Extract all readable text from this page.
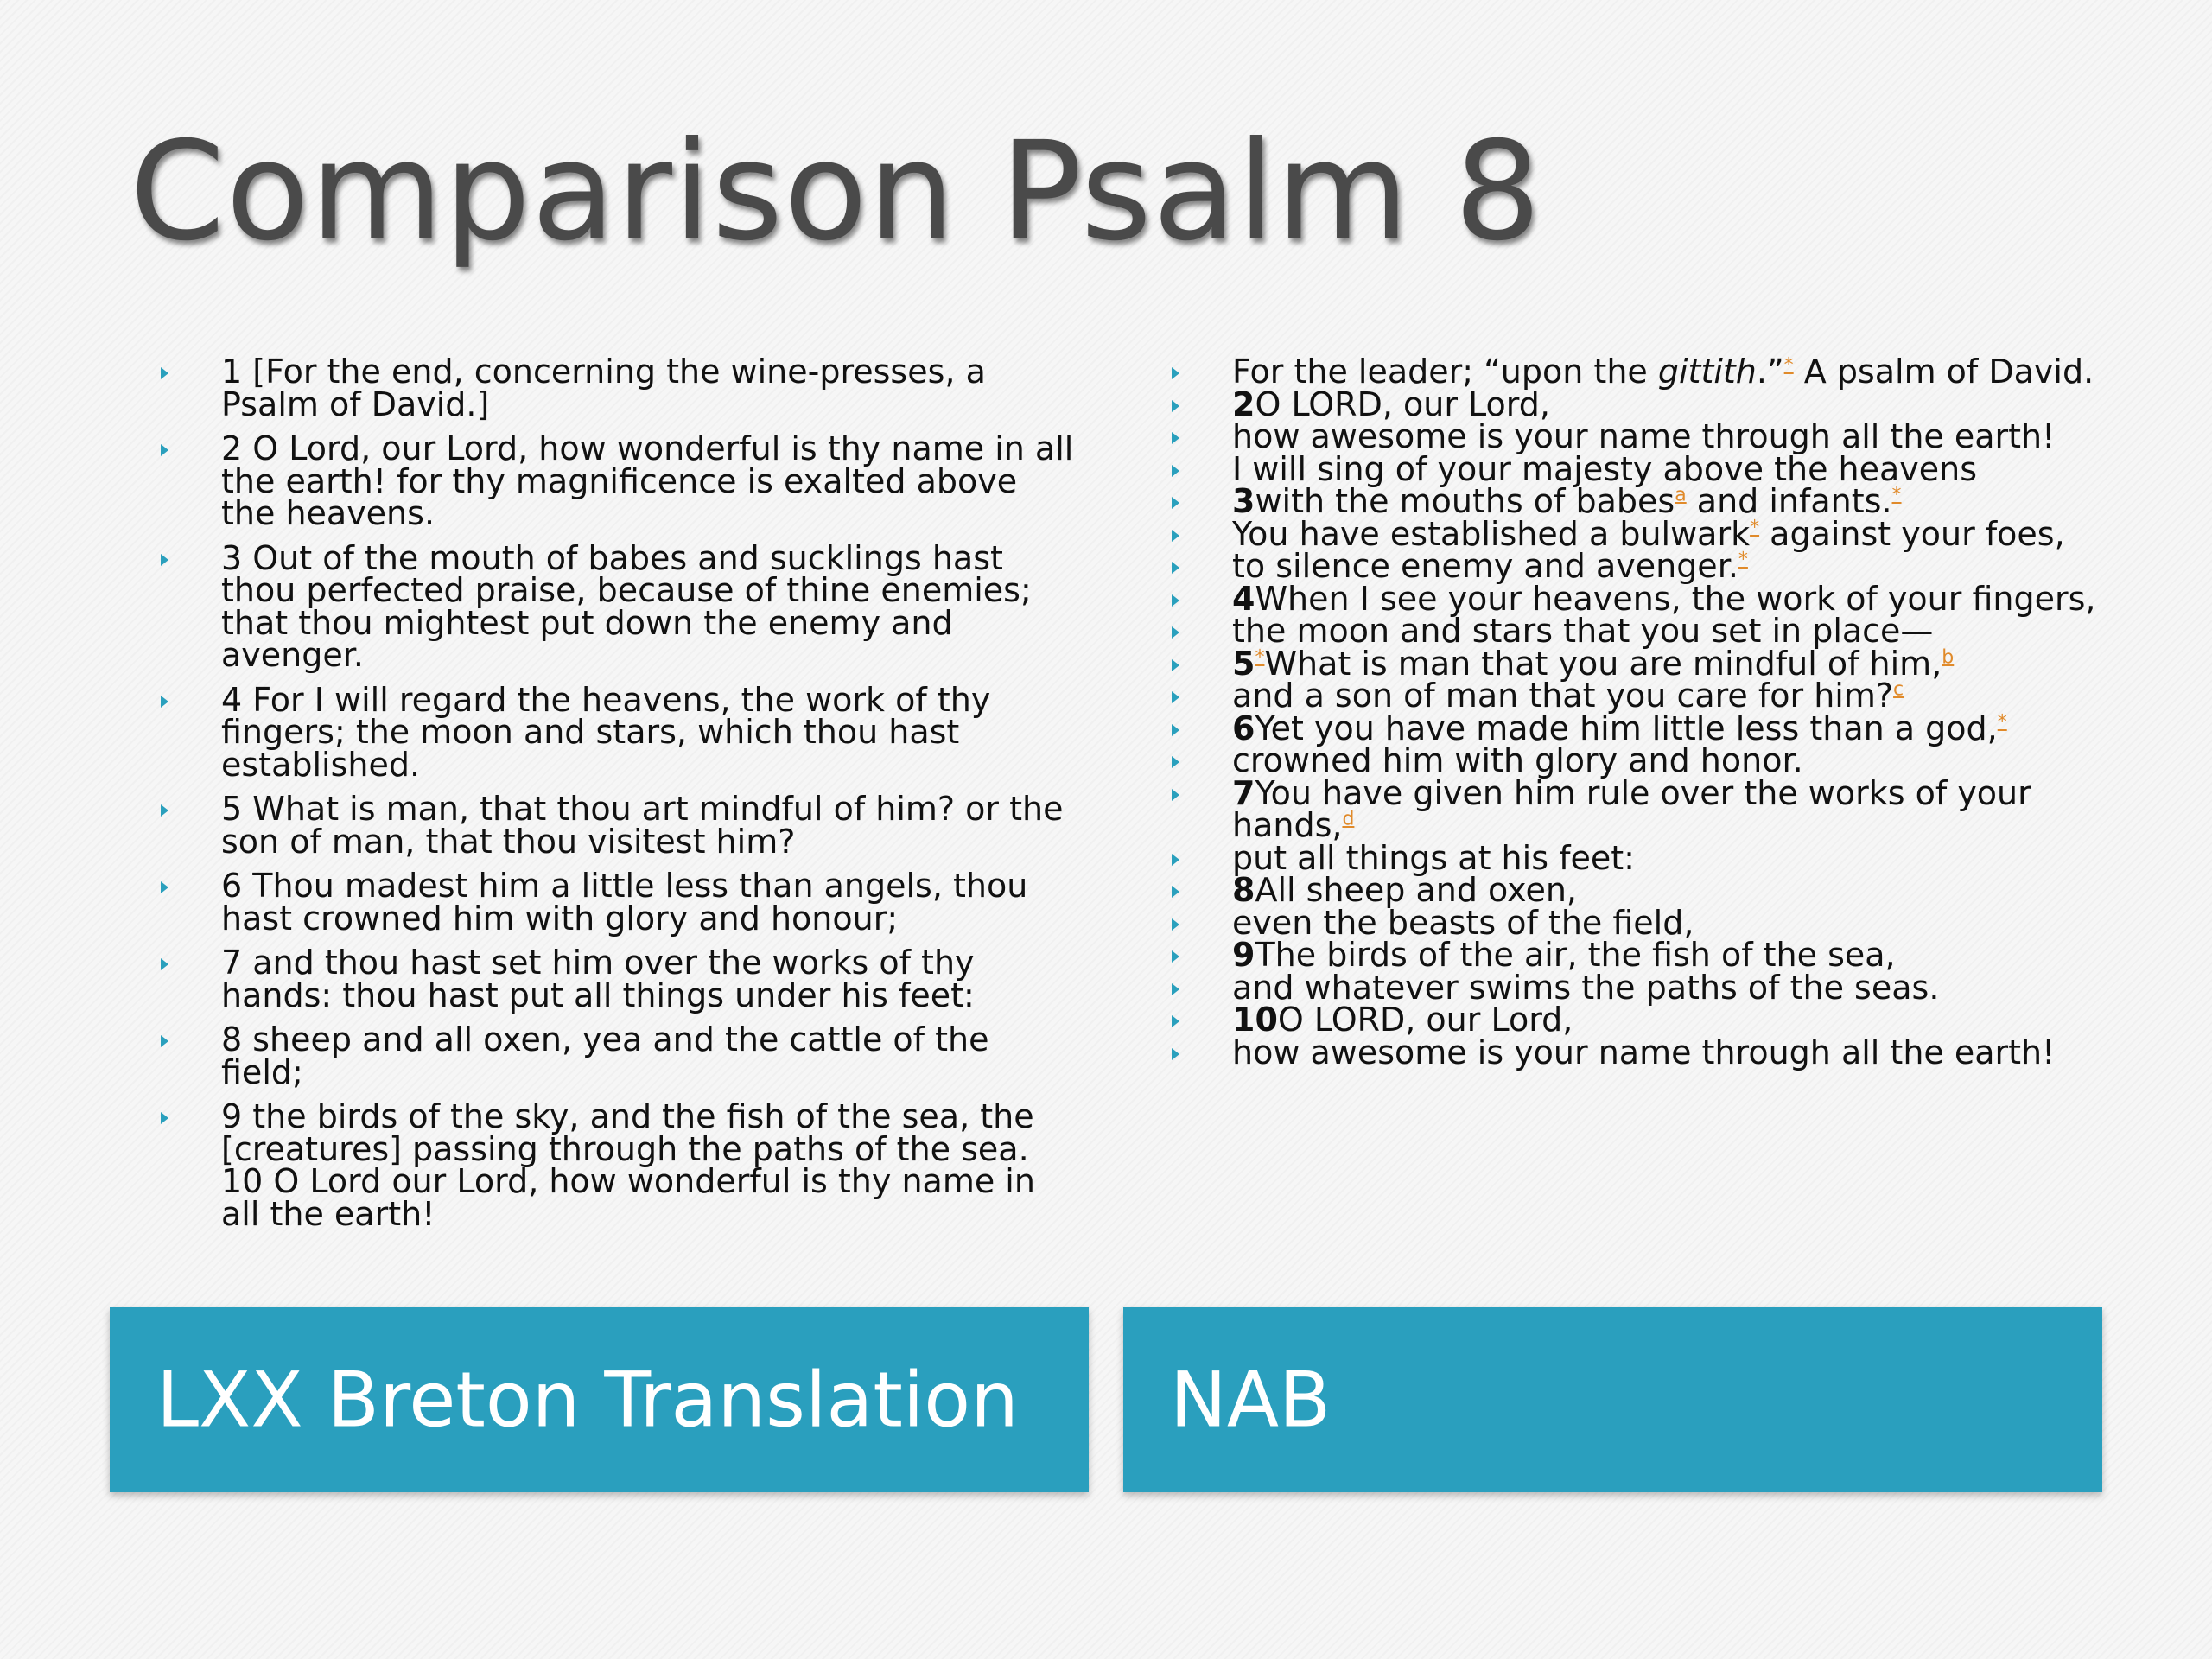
Comparison Psalm 8
1 [For the end, concerning the wine-presses, a Psalm of David.]
2 O Lord, our Lord, how wonderful is thy name in all the earth! for thy magnificence is exalted above the heavens.
3 Out of the mouth of babes and sucklings hast thou perfected praise, because of thine enemies; that thou mightest put down the enemy and avenger.
4 For I will regard the heavens, the work of thy fingers; the moon and stars, which thou hast established.
5 What is man, that thou art mindful of him? or the son of man, that thou visitest him?
6 Thou madest him a little less than angels, thou hast crowned him with glory and honour;
7 and thou hast set him over the works of thy hands: thou hast put all things under his feet:
8 sheep and all oxen, yea and the cattle of the field;
9 the birds of the sky, and the fish of the sea, the [creatures] passing through the paths of the sea.
10 O Lord our Lord, how wonderful is thy name in all the earth!
For the leader; “upon the gittith.”* A psalm of David.
2O LORD, our Lord,
how awesome is your name through all the earth!
I will sing of your majesty above the heavens
3with the mouths of babes$^a$ and infants.*
You have established a bulwark* against your foes,
to silence enemy and avenger.*
4When I see your heavens, the work of your fingers,
the moon and stars that you set in place—
5*What is man that you are mindful of him,$^b$
and a son of man that you care for him?$^c$
6Yet you have made him little less than a god,*
crowned him with glory and honor.
7You have given him rule over the works of your hands,$^d$
put all things at his feet:
8All sheep and oxen,
even the beasts of the field,
9The birds of the air, the fish of the sea,
and whatever swims the paths of the seas.
10O LORD, our Lord,
how awesome is your name through all the earth!
LXX Breton Translation NAB
